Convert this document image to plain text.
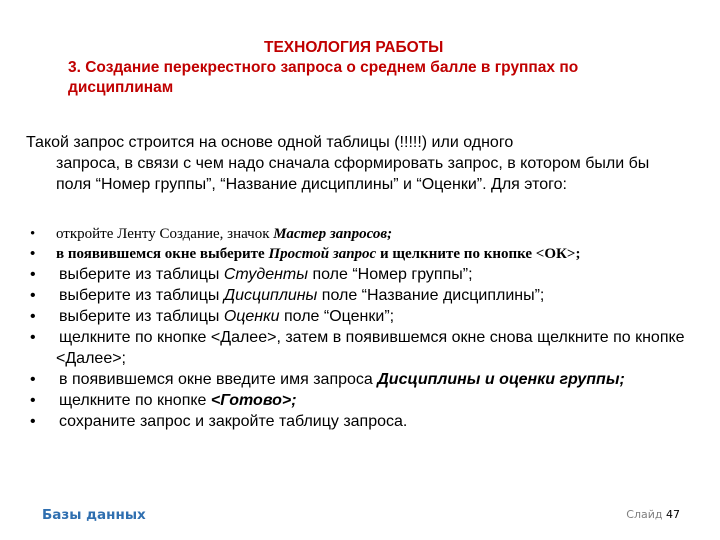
ТЕХНОЛОГИЯ РАБОТЫ
3. Создание перекрестного запроса о среднем балле в группах по
дисциплинам
Такой запрос строится на основе одной таблицы (!!!!!) или одного
запроса, в связи с чем надо сначала сформировать запрос, в котором были бы поля “Номер группы”, “Название дисциплины” и “Оценки”. Для этого:
• откройте Ленту Создание, значок Мастер запросов;
• в появившемся окне выберите Простой запрос и щелкните по кнопке <ОК>;
• выберите из таблицы Студенты поле “Номер группы”;
• выберите из таблицы Дисциплины поле “Название дисциплины”;
• выберите из таблицы Оценки поле “Оценки”;
• щелкните по кнопке <Далее>, затем в появившемся окне снова щелкните по кнопке <Далее>;
• в появившемся окне введите имя запроса Дисциплины и оценки группы;
• щелкните по кнопке <Готово>;
• сохраните запрос и закройте таблицу запроса.
Базы данных	Слайд 47
